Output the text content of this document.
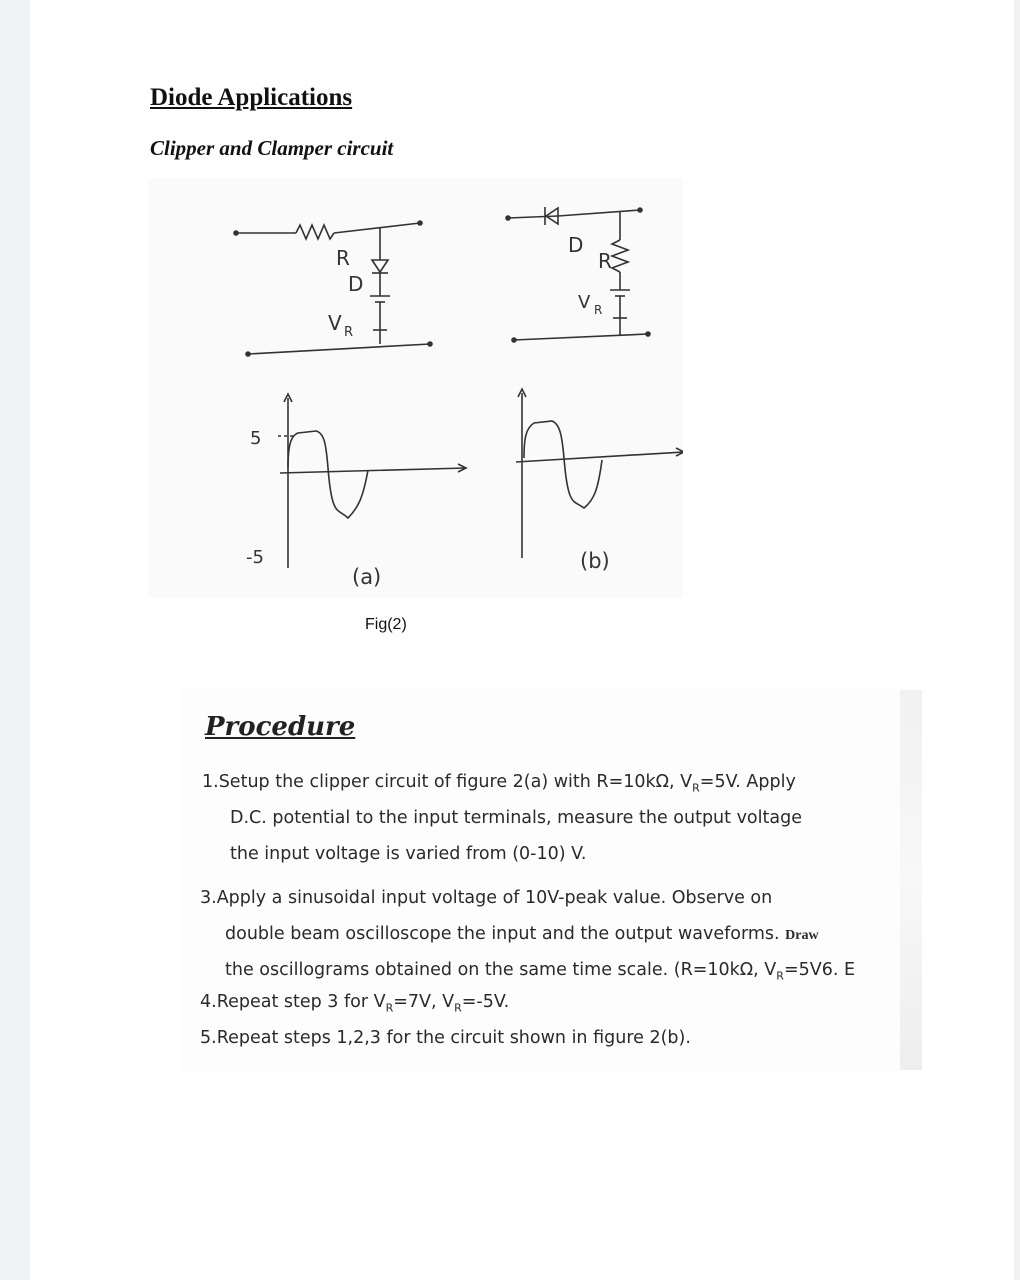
Diode Applications
Clipper and Clamper circuit
R
D
V R
D
R
V R
5
-5
(a)
(b)
Fig(2)
Procedure

1.Setup the clipper circuit of figure 2(a) with R=10kΩ, $V_R=5V$. Apply

D.C. potential to the input terminals, measure the output voltage

the input voltage is varied from (0-10) V.

3.Apply a sinusoidal input voltage of 10V-peak value. Observe on

double beam oscilloscope the input and the output waveforms. Draw

the oscillograms obtained on the same time scale. (R=10kΩ, $V_R=5V6$. E

4.Repeat step 3 for $V_R=7V$, $V_R=-5V$.

5.Repeat steps 1,2,3 for the circuit shown in figure 2(b).
